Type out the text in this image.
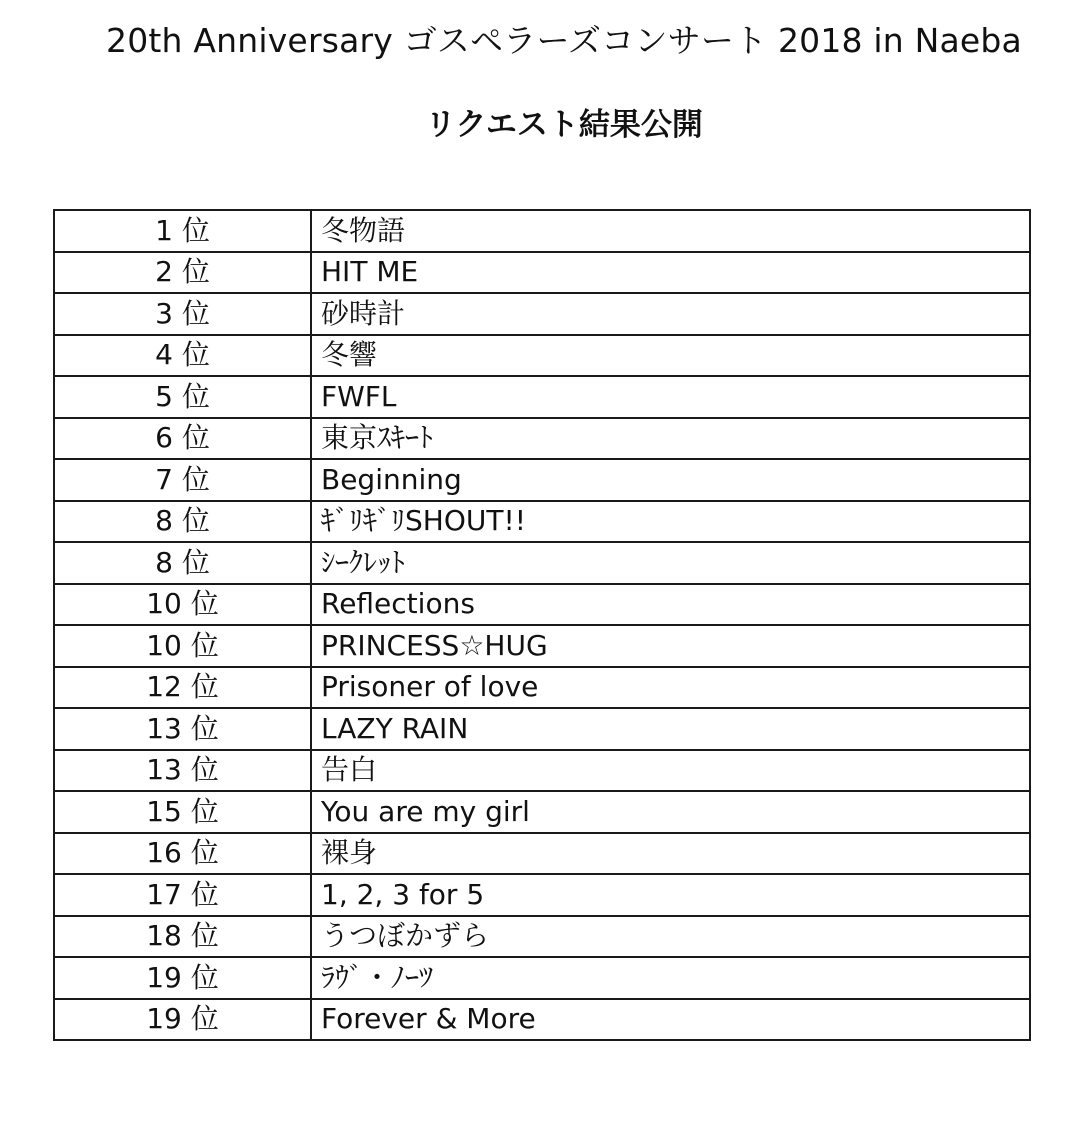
20th Anniversary ゴスペラーズコンサート 2018 in Naeba
リクエスト結果公開
1 位	冬物語
2 位	HIT ME
3 位	砂時計
4 位	冬響
5 位	FWFL
6 位	東京ｽｷｰﾄ
7 位	Beginning
8 位	ｷﾞﾘｷﾞﾘSHOUT!!
8 位	ｼｰｸﾚｯﾄ
10 位	Reflections
10 位	PRINCESS☆HUG
12 位	Prisoner of love
13 位	LAZY RAIN
13 位	告白
15 位	You are my girl
16 位	裸身
17 位	1, 2, 3 for 5
18 位	うつぼかずら
19 位	ﾗｳﾞ・ﾉｰﾂ
19 位	Forever & More
